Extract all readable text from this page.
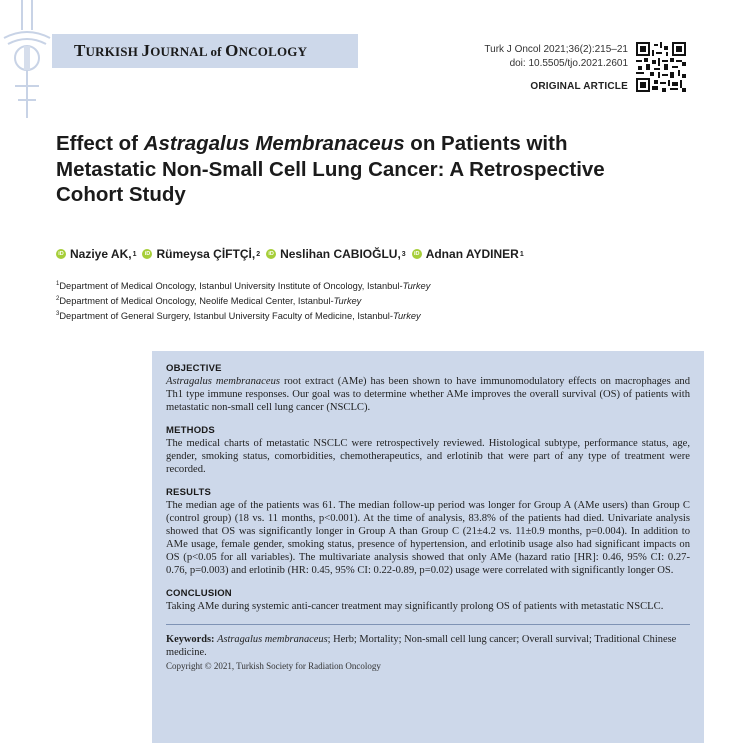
TURKISH JOURNAL of ONCOLOGY	Turk J Oncol 2021;36(2):215–21
doi: 10.5505/tjo.2021.2601
ORIGINAL ARTICLE
Effect of Astragalus Membranaceus on Patients with Metastatic Non-Small Cell Lung Cancer: A Retrospective Cohort Study
iD
Naziye AK, 1 iD Rümeysa ÇİFTÇİ, 2 iD Neslihan CABIOĞLU, 3 iD Adnan AYDINER 1
$^1$Department of Medical Oncology, Istanbul University Institute of Oncology, Istanbul-Turkey
$^2$Department of Medical Oncology, Neolife Medical Center, Istanbul-Turkey
$^3$Department of General Surgery, Istanbul University Faculty of Medicine, Istanbul-Turkey

OBJECTIVE

Astragalus membranaceus root extract (AMe) has been shown to have immunomodulatory effects on macrophages and Th1 type immune responses. Our goal was to determine whether AMe improves the overall survival (OS) of patients with metastatic non-small cell lung cancer (NSCLC).

METHODS

The medical charts of metastatic NSCLC were retrospectively reviewed. Histological subtype, performance status, age, gender, smoking status, comorbidities, chemotherapeutics, and erlotinib that were part of any type of treatment were recorded.

RESULTS

The median age of the patients was 61. The median follow-up period was longer for Group A (AMe users) than Group C (control group) (18 vs. 11 months, p<0.001). At the time of analysis, 83.8% of the patients had died. Univariate analysis showed that OS was significantly longer in Group A than Group C (21±4.2 vs. 11±0.9 months, p=0.004). In addition to AMe usage, female gender, smoking status, presence of hypertension, and erlotinib usage also had significant impacts on OS (p<0.05 for all variables). The multivariate analysis showed that only AMe (hazard ratio [HR]: 0.46, 95% CI: 0.27-0.76, p=0.003) and erlotinib (HR: 0.45, 95% CI: 0.22-0.89, p=0.02) usage were correlated with significantly longer OS.

CONCLUSION

Taking AMe during systemic anti-cancer treatment may significantly prolong OS of patients with metastatic NSCLC.

Keywords: Astragalus membranaceus; Herb; Mortality; Non-small cell lung cancer; Overall survival; Traditional Chinese medicine.

Copyright © 2021, Turkish Society for Radiation Oncology
